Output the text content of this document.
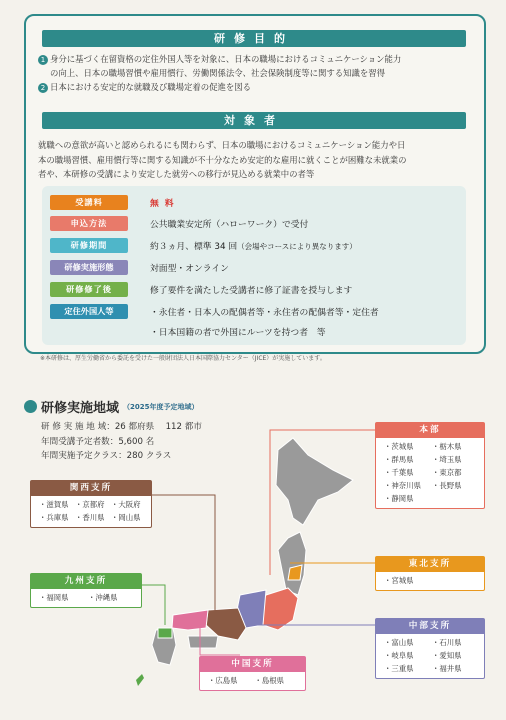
研修目的
1 身分に基づく在留資格の定住外国人等を対象に、日本の職場におけるコミュニケーション能力
の向上、日本の職場習慣や雇用慣行、労働関係法令、社会保険制度等に関する知識を習得
2 日本における安定的な就職及び職場定着の促進を図る
対象者
就職への意欲が高いと認められるにも関わらず、日本の職場におけるコミュニケーション能力や日
本の職場習慣、雇用慣行等に関する知識が不十分なため安定的な雇用に就くことが困難な未就業の
者や、本研修の受講により安定した就労への移行が見込める就業中の者等
受講料	無料
申込方法	公共職業安定所（ハローワーク）で受付
研修期間	約３ヵ月、標準 34 回（会場やコースにより異なります）
研修実施形態	対面型・オンライン
研修修了後	修了要件を満たした受講者に修了証書を授与します
定住外国人等	・永住者・日本人の配偶者等・永住者の配偶者等・定住者
・日本国籍の者で外国にルーツを持つ者　等
※本研修は、厚生労働省から委託を受けた一般財団法人日本国際協力センター（JICE）が実施しています。
研修実施地域 （2025年度予定地域）
研 修 実 施 地 域：26 都府県　 112 都市
年間受講予定者数：5,600 名
年間実施予定クラス：280 クラス
本部
・茨城県	・栃木県
・群馬県	・埼玉県
・千葉県	・東京都
・神奈川県	・長野県
・静岡県
関西支所
・滋賀県 ・京都府 ・大阪府
・兵庫県 ・香川県 ・岡山県
東北支所
・宮城県
九州支所
・福岡県	・沖縄県
中部支所
・富山県	・石川県
・岐阜県	・愛知県
・三重県	・福井県
中国支所
・広島県	・島根県
